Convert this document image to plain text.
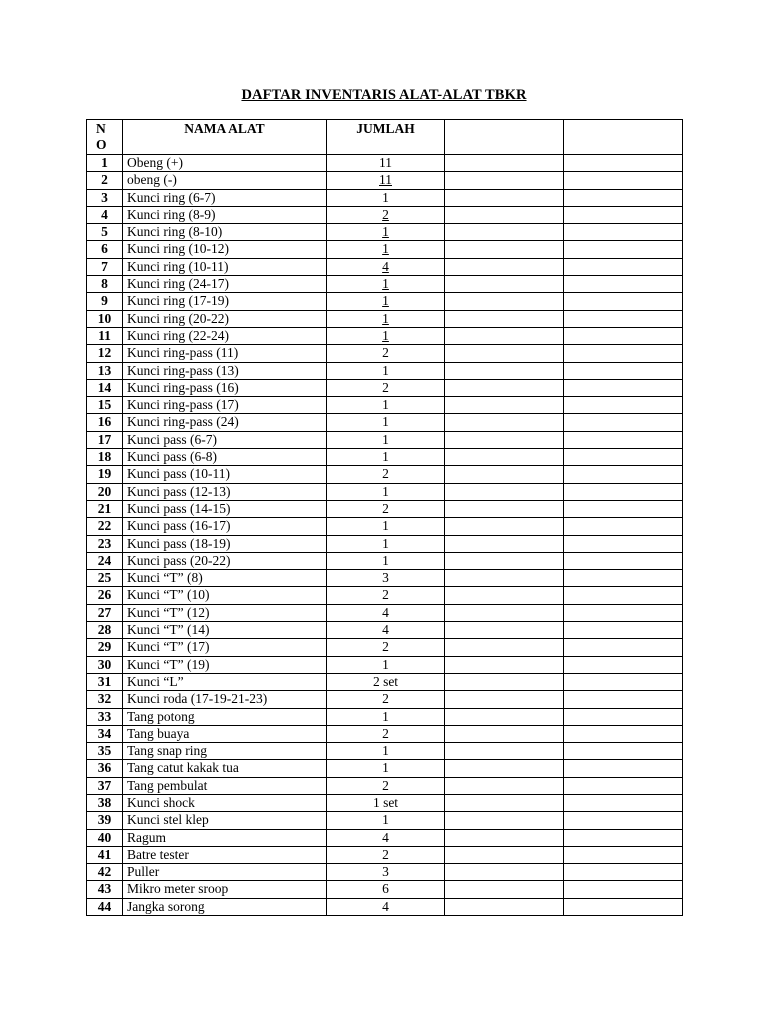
DAFTAR INVENTARIS ALAT-ALAT TBKR
NO	NAMA ALAT	JUMLAH		
1	Obeng (+)	11		
2	obeng (-)	11		
3	Kunci ring (6-7)	1		
4	Kunci ring (8-9)	2		
5	Kunci ring (8-10)	1		
6	Kunci ring (10-12)	1		
7	Kunci ring (10-11)	4		
8	Kunci ring (24-17)	1		
9	Kunci ring (17-19)	1		
10	Kunci ring (20-22)	1		
11	Kunci ring (22-24)	1		
12	Kunci ring-pass (11)	2		
13	Kunci ring-pass (13)	1		
14	Kunci ring-pass (16)	2		
15	Kunci ring-pass (17)	1		
16	Kunci ring-pass (24)	1		
17	Kunci pass (6-7)	1		
18	Kunci pass (6-8)	1		
19	Kunci pass (10-11)	2		
20	Kunci pass (12-13)	1		
21	Kunci pass (14-15)	2		
22	Kunci pass (16-17)	1		
23	Kunci pass (18-19)	1		
24	Kunci pass (20-22)	1		
25	Kunci “T” (8)	3		
26	Kunci “T” (10)	2		
27	Kunci “T” (12)	4		
28	Kunci “T” (14)	4		
29	Kunci “T” (17)	2		
30	Kunci “T” (19)	1		
31	Kunci “L”	2 set		
32	Kunci roda (17-19-21-23)	2		
33	Tang potong	1		
34	Tang buaya	2		
35	Tang snap ring	1		
36	Tang catut kakak tua	1		
37	Tang pembulat	2		
38	Kunci shock	1 set		
39	Kunci stel klep	1		
40	Ragum	4		
41	Batre tester	2		
42	Puller	3		
43	Mikro meter sroop	6		
44	Jangka sorong	4		
